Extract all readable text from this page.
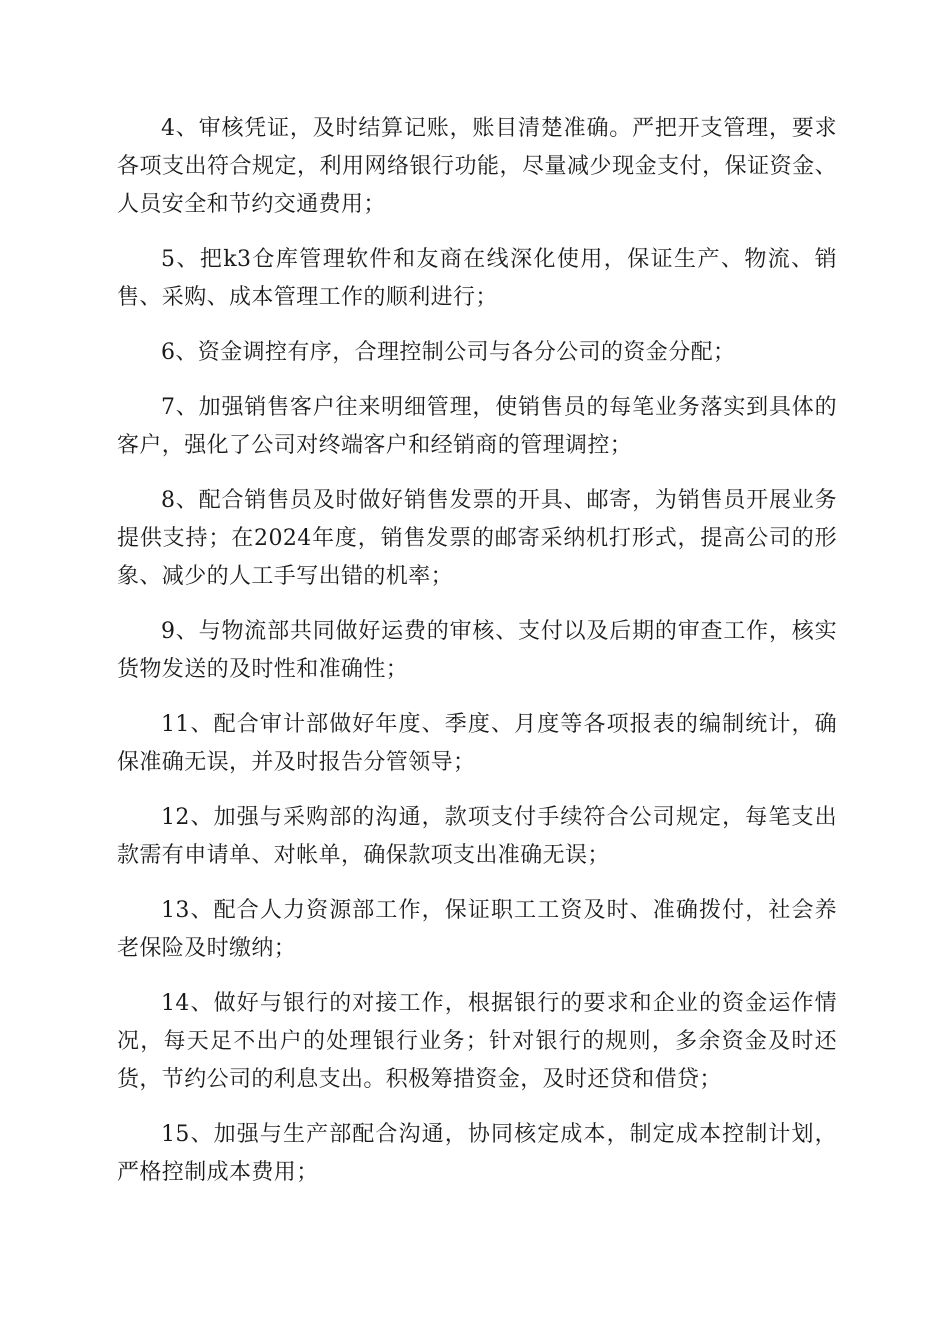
4、审核凭证，及时结算记账，账目清楚准确。严把开支管理，要求各项支出符合规定，利用网络银行功能，尽量减少现金支付，保证资金、人员安全和节约交通费用；

5、把k3仓库管理软件和友商在线深化使用，保证生产、物流、销售、采购、成本管理工作的顺利进行；

6、资金调控有序，合理控制公司与各分公司的资金分配；

7、加强销售客户往来明细管理，使销售员的每笔业务落实到具体的客户，强化了公司对终端客户和经销商的管理调控；

8、配合销售员及时做好销售发票的开具、邮寄，为销售员开展业务提供支持；在2024年度，销售发票的邮寄采纳机打形式，提高公司的形象、减少的人工手写出错的机率；

9、与物流部共同做好运费的审核、支付以及后期的审查工作，核实货物发送的及时性和准确性；

11、配合审计部做好年度、季度、月度等各项报表的编制统计，确保准确无误，并及时报告分管领导；

12、加强与采购部的沟通，款项支付手续符合公司规定，每笔支出款需有申请单、对帐单，确保款项支出准确无误；

13、配合人力资源部工作，保证职工工资及时、准确拨付，社会养老保险及时缴纳；

14、做好与银行的对接工作，根据银行的要求和企业的资金运作情况，每天足不出户的处理银行业务；针对银行的规则，多余资金及时还货，节约公司的利息支出。积极筹措资金，及时还贷和借贷；

15、加强与生产部配合沟通，协同核定成本，制定成本控制计划，严格控制成本费用；
